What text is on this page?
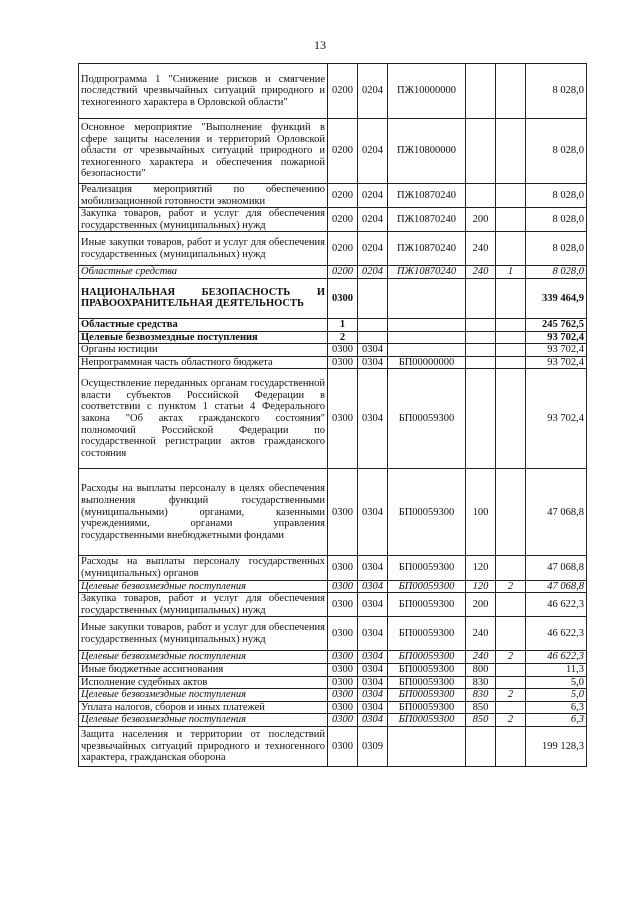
13
Подпрограмма 1 "Снижение рисков и смягчение последствий чрезвычайных ситуаций природного и техногенного характера в Орловской области"	0200	0204	ПЖ10000000			8 028,0
Основное мероприятие "Выполнение функций в сфере защиты населения и территорий Орловской области от чрезвычайных ситуаций природного и техногенного характера и обеспечения пожарной безопасности"	0200	0204	ПЖ10800000			8 028,0
Реализация мероприятий по обеспечению мобилизационной готовности экономики	0200	0204	ПЖ10870240			8 028,0
Закупка товаров, работ и услуг для обеспечения государственных (муниципальных) нужд	0200	0204	ПЖ10870240	200		8 028,0
Иные закупки товаров, работ и услуг для обеспечения государственных (муниципальных) нужд	0200	0204	ПЖ10870240	240		8 028,0
Областные средства	0200	0204	ПЖ10870240	240	1	8 028,0
НАЦИОНАЛЬНАЯ БЕЗОПАСНОСТЬ И ПРАВООХРАНИТЕЛЬНАЯ ДЕЯТЕЛЬНОСТЬ	0300					339 464,9
Областные средства	1					245 762,5
Целевые безвозмездные поступления	2					93 702,4
Органы юстиции	0300	0304				93 702,4
Непрограммная часть областного бюджета	0300	0304	БП00000000			93 702,4
Осуществление переданных органам государственной власти субъектов Российской Федерации в соответствии с пунктом 1 статьи 4 Федерального закона "Об актах гражданского состояния" полномочий Российской Федерации по государственной регистрации актов гражданского состояния	0300	0304	БП00059300			93 702,4
Расходы на выплаты персоналу в целях обеспечения выполнения функций государственными (муниципальными) органами, казенными учреждениями, органами управления государственными внебюджетными фондами	0300	0304	БП00059300	100		47 068,8
Расходы на выплаты персоналу государственных (муниципальных) органов	0300	0304	БП00059300	120		47 068,8
Целевые безвозмездные поступления	0300	0304	БП00059300	120	2	47 068,8
Закупка товаров, работ и услуг для обеспечения государственных (муниципальных) нужд	0300	0304	БП00059300	200		46 622,3
Иные закупки товаров, работ и услуг для обеспечения государственных (муниципальных) нужд	0300	0304	БП00059300	240		46 622,3
Целевые безвозмездные поступления	0300	0304	БП00059300	240	2	46 622,3
Иные бюджетные ассигнования	0300	0304	БП00059300	800		11,3
Исполнение судебных актов	0300	0304	БП00059300	830		5,0
Целевые безвозмездные поступления	0300	0304	БП00059300	830	2	5,0
Уплата налогов, сборов и иных платежей	0300	0304	БП00059300	850		6,3
Целевые безвозмездные поступления	0300	0304	БП00059300	850	2	6,3
Защита населения и территории от последствий чрезвычайных ситуаций природного и техногенного характера, гражданская оборона	0300	0309				199 128,3
